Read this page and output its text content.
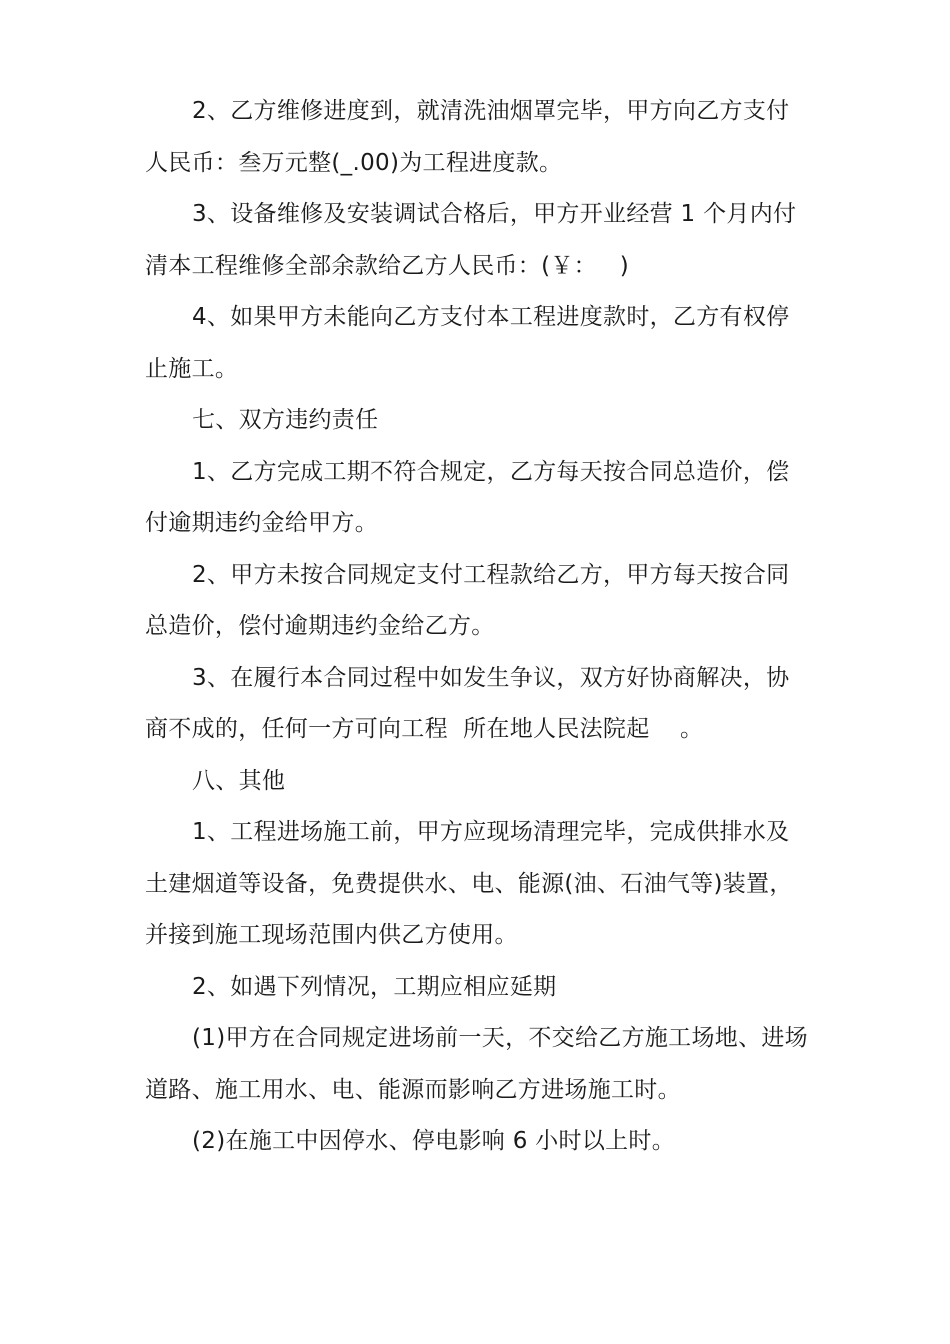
2、乙方维修进度到，就清洗油烟罩完毕，甲方向乙方支付
人民币：叁万元整(_.00)为工程进度款。
3、设备维修及安装调试合格后，甲方开业经营 1 个月内付
清本工程维修全部余款给乙方人民币：(￥：   )
4、如果甲方未能向乙方支付本工程进度款时，乙方有权停
止施工。
七、双方违约责任
1、乙方完成工期不符合规定，乙方每天按合同总造价，偿
付逾期违约金给甲方。
2、甲方未按合同规定支付工程款给乙方，甲方每天按合同
总造价，偿付逾期违约金给乙方。
3、在履行本合同过程中如发生争议，双方好协商解决，协
商不成的，任何一方可向工程  所在地人民法院起    。
八、其他
1、工程进场施工前，甲方应现场清理完毕，完成供排水及
土建烟道等设备，免费提供水、电、能源(油、石油气等)装置，
并接到施工现场范围内供乙方使用。
2、如遇下列情况，工期应相应延期
(1)甲方在合同规定进场前一天，不交给乙方施工场地、进场
道路、施工用水、电、能源而影响乙方进场施工时。
(2)在施工中因停水、停电影响 6 小时以上时。
